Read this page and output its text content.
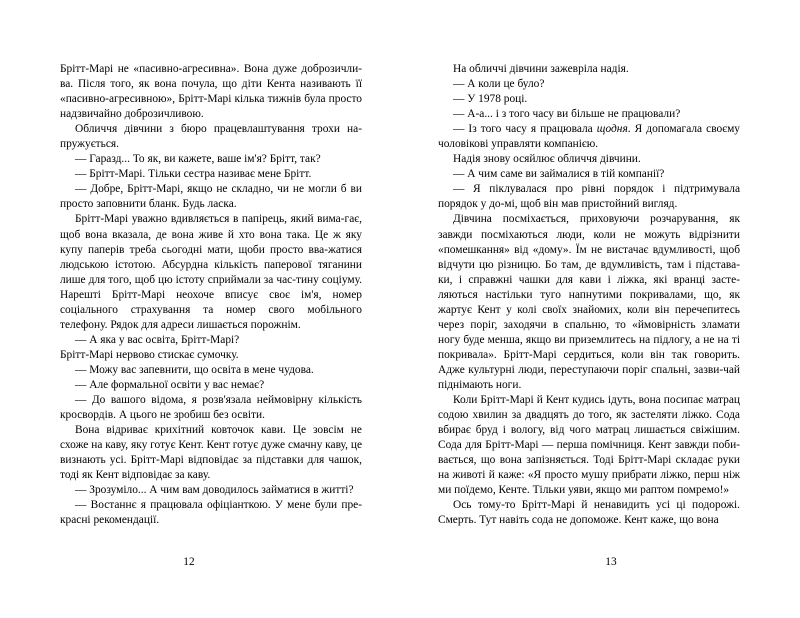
Брітт-Марі не «пасивно-агресивна». Вона дуже доброзичли-ва. Після того, як вона почула, що діти Кента називають її «пасивно-агресивною», Брітт-Марі кілька тижнів була просто надзвичайно доброзичливою.

Обличчя дівчини з бюро працевлаштування трохи на-пружується.

— Гаразд... То як, ви кажете, ваше ім'я? Брітт, так?

— Брітт-Марі. Тільки сестра називає мене Брітт.

— Добре, Брітт-Марі, якщо не складно, чи не могли б ви просто заповнити бланк. Будь ласка.

Брітт-Марі уважно вдивляється в папірець, який вима-гає, щоб вона вказала, де вона живе й хто вона така. Це ж яку купу паперів треба сьогодні мати, щоби просто вва-жатися людською істотою. Абсурдна кількість паперової тяганини лише для того, щоб цю істоту сприймали за час-тину соціуму. Нарешті Брітт-Марі неохоче вписує своє ім'я, номер соціального страхування та номер свого мобільного телефону. Рядок для адреси лишається порожнім.

— А яка у вас освіта, Брітт-Марі?

Брітт-Марі нервово стискає сумочку.

— Можу вас запевнити, що освіта в мене чудова.

— Але формальної освіти у вас немає?

— До вашого відома, я розв'язала неймовірну кількість кросвордів. А цього не зробиш без освіти.

Вона відриває крихітний ковточок кави. Це зовсім не схоже на каву, яку готує Кент. Кент готує дуже смачну каву, це визнають усі. Брітт-Марі відповідає за підставки для чашок, тоді як Кент відповідає за каву.

— Зрозуміло... А чим вам доводилось займатися в житті?

— Востаннє я працювала офіціанткою. У мене були пре-красні рекомендації.

12

На обличчі дівчини зажевріла надія.

— А коли це було?

— У 1978 році.

— А-а... і з того часу ви більше не працювали?

— Із того часу я працювала щодня. Я допомагала своєму чоловікові управляти компанією.

Надія знову осяйлює обличчя дівчини.

— А чим саме ви займалися в тій компанії?

— Я піклувалася про рівні порядок і підтримувала порядок у до-мі, щоб він мав пристойний вигляд.

Дівчина посміхається, приховуючи розчарування, як завжди посміхаються люди, коли не можуть відрізнити «помешкання» від «дому». Їм не вистачає вдумливості, щоб відчути цю різницю. Бо там, де вдумливість, там і підстава-ки, і справжні чашки для кави і ліжка, які вранці засте-ляються настільки туго напнутими покривалами, що, як жартує Кент у колі своїх знайомих, коли він перечепитесь через поріг, заходячи в спальню, то «ймовірність зламати ногу буде менша, якщо ви приземлитесь на підлогу, а не на ті покривала». Брітт-Марі сердиться, коли він так говорить. Адже культурні люди, переступаючи поріг спальні, зазви-чай піднімають ноги.

Коли Брітт-Марі й Кент кудись ідуть, вона посипає матрац содою хвилин за двадцять до того, як застеляти ліжко. Сода вбирає бруд і вологу, від чого матрац лишається свіжішим. Сода для Брітт-Марі — перша помічниця. Кент завжди поби-вається, що вона запізняється. Тоді Брітт-Марі складає руки на животі й каже: «Я просто мушу прибрати ліжко, перш ніж ми поїдемо, Кенте. Тільки уяви, якщо ми раптом помремо!»

Ось тому-то Брітт-Марі й ненавидить усі ці подорожі. Смерть. Тут навіть сода не допоможе. Кент каже, що вона

13
